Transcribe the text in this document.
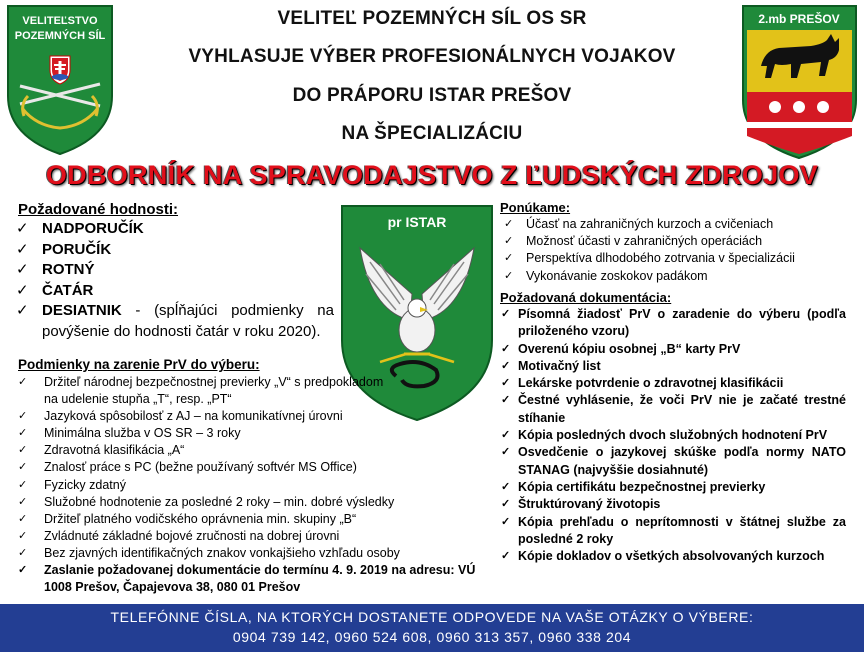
VELITEĽSTVO
POZEMNÝCH SÍL
2.mb PREŠOV
VELITEĽ POZEMNÝCH SÍL OS SR
VYHLASUJE VÝBER PROFESIONÁLNYCH VOJAKOV
DO PRÁPORU ISTAR PREŠOV
NA ŠPECIALIZÁCIU
ODBORNÍK NA SPRAVODAJSTVO Z ĽUDSKÝCH ZDROJOV
pr ISTAR
Požadované hodnosti:
✓ NADPORUČÍK
✓ PORUČÍK
✓ ROTNÝ
✓ ČATÁR
✓ DESIATNIK - (spĺňajúci podmienky na povýšenie do hodnosti čatár v roku 2020).
Podmienky na zarenie PrV do výberu:
✓ Držiteľ národnej bezpečnostnej previerky „V“ s predpokladom na udelenie stupňa „T“, resp. „PT“
✓ Jazyková spôsobilosť z AJ – na komunikatívnej úrovni
✓ Minimálna služba v OS SR – 3 roky
✓ Zdravotná klasifikácia „A“
✓ Znalosť práce s PC (bežne používaný softvér MS Office)
✓ Fyzicky zdatný
✓ Služobné hodnotenie za posledné 2 roky – min. dobré výsledky
✓ Držiteľ platného vodičského oprávnenia min. skupiny „B“
✓ Zvládnuté základné bojové zručnosti na dobrej úrovni
✓ Bez zjavných identifikačných znakov vonkajšieho vzhľadu osoby
✓ Zaslanie požadovanej dokumentácie do termínu 4. 9. 2019 na adresu: VÚ 1008 Prešov, Čapajevova 38, 080 01 Prešov
Ponúkame:
✓ Účasť na zahraničných kurzoch a cvičeniach
✓ Možnosť účasti v zahraničných operáciách
✓ Perspektíva dlhodobého zotrvania v špecializácii
✓ Vykonávanie zoskokov padákom
Požadovaná dokumentácia:
✓ Písomná žiadosť PrV o zaradenie do výberu (podľa priloženého vzoru)
✓ Overenú kópiu osobnej „B“ karty PrV
✓ Motivačný list
✓ Lekárske potvrdenie o zdravotnej klasifikácii
✓ Čestné vyhlásenie, že voči PrV nie je začaté trestné stíhanie
✓ Kópia posledných dvoch služobných hodnotení PrV
✓ Osvedčenie o jazykovej skúške podľa normy NATO STANAG (najvyššie dosiahnuté)
✓ Kópia certifikátu bezpečnostnej previerky
✓ Štruktúrovaný životopis
✓ Kópia prehľadu o neprítomnosti v štátnej službe za posledné 2 roky
✓ Kópie dokladov o všetkých absolvovaných kurzoch
TELEFÓNNE ČÍSLA, NA KTORÝCH DOSTANETE ODPOVEDE NA VAŠE OTÁZKY O VÝBERE:
0904 739 142, 0960 524 608, 0960 313 357, 0960 338 204
